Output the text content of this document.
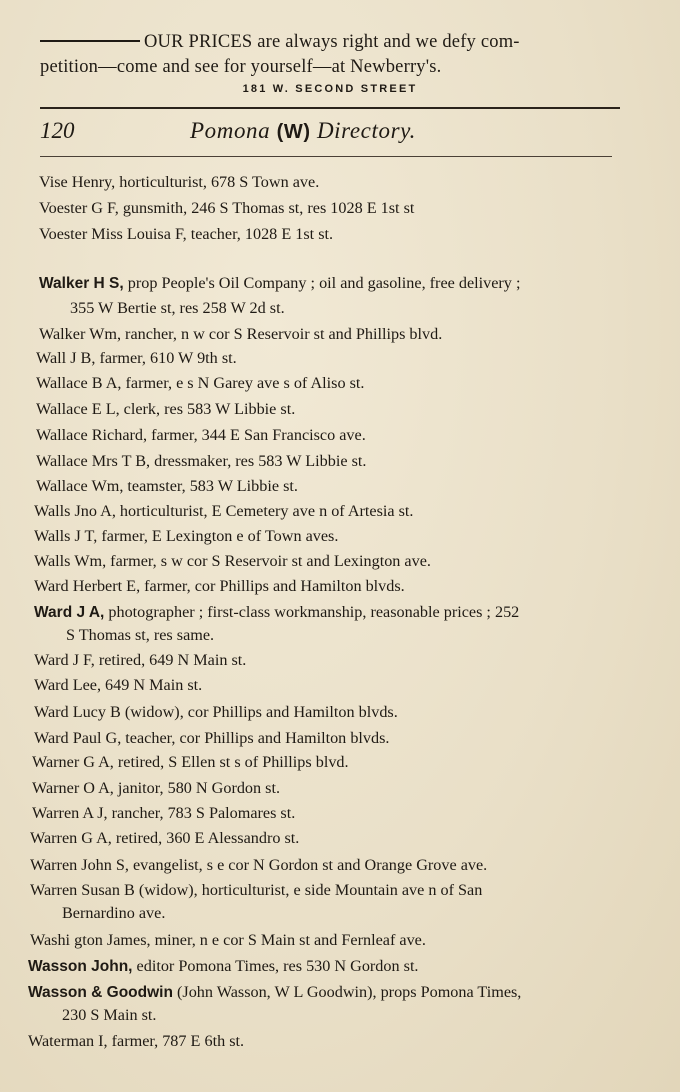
OUR PRICES are always right and we defy com-
petition—come and see for yourself—at Newberry's.
181 W. SECOND STREET
120	Pomona (W) Directory.
Vise Henry, horticulturist, 678 S Town ave.
Voester G F, gunsmith, 246 S Thomas st, res 1028 E 1st st
Voester Miss Louisa F, teacher, 1028 E 1st st.
Walker H S, prop People's Oil Company ; oil and gasoline, free delivery ;
355 W Bertie st, res 258 W 2d st.
Walker Wm, rancher, n w cor S Reservoir st and Phillips blvd.
Wall J B, farmer, 610 W 9th st.
Wallace B A, farmer, e s N Garey ave s of Aliso st.
Wallace E L, clerk, res 583 W Libbie st.
Wallace Richard, farmer, 344 E San Francisco ave.
Wallace Mrs T B, dressmaker, res 583 W Libbie st.
Wallace Wm, teamster, 583 W Libbie st.
Walls Jno A, horticulturist, E Cemetery ave n of Artesia st.
Walls J T, farmer, E Lexington e of Town aves.
Walls Wm, farmer, s w cor S Reservoir st and Lexington ave.
Ward Herbert E, farmer, cor Phillips and Hamilton blvds.
Ward J A, photographer ; first-class workmanship, reasonable prices ; 252
S Thomas st, res same.
Ward J F, retired, 649 N Main st.
Ward Lee, 649 N Main st.
Ward Lucy B (widow), cor Phillips and Hamilton blvds.
Ward Paul G, teacher, cor Phillips and Hamilton blvds.
Warner G A, retired, S Ellen st s of Phillips blvd.
Warner O A, janitor, 580 N Gordon st.
Warren A J, rancher, 783 S Palomares st.
Warren G A, retired, 360 E Alessandro st.
Warren John S, evangelist, s e cor N Gordon st and Orange Grove ave.
Warren Susan B (widow), horticulturist, e side Mountain ave n of San
Bernardino ave.
Washi gton James, miner, n e cor S Main st and Fernleaf ave.
Wasson John, editor Pomona Times, res 530 N Gordon st.
Wasson & Goodwin (John Wasson, W L Goodwin), props Pomona Times,
230 S Main st.
Waterman I, farmer, 787 E 6th st.
